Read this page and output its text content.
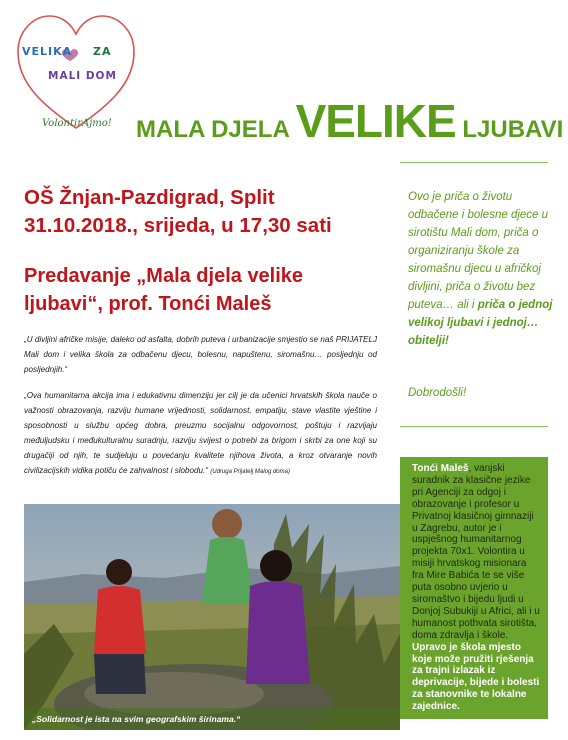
VELIKA ZA
MALI DOM
VolontirAjmo! MALA DJELA VELIKE LJUBAVI
OŠ Žnjan-Pazdigrad, Split
31.10.2018., srijeda, u 17,30 sati
Predavanje „Mala djela velike ljubavi“, prof. Tonći Maleš

„U divljini afričke misije, daleko od asfalta, dobrih puteva i urbanizacije smjestio se naš PRIJATELJ Mali dom i velika škola za odbačenu djecu, bolesnu, napuštenu, siromašnu… posljednju od posljednjih.“

„Ova humanitarna akcija ima i edukativnu dimenziju jer cilj je da učenici hrvatskih škola nauče o važnosti obrazovanja, razviju humane vrijednosti, solidarnost, empatiju, stave vlastite vještine i sposobnosti u službu općeg dobra, preuzmu socijalnu odgovornost, poštuju i razvijaju međuljudsku i međukulturalnu suradnju, razviju svijest o potrebi za brigom i skrbi za one koji su drugačiji od njih, te sudjeluju u povećanju kvalitete njihova života, a kroz otvaranje novih civilizacijskih vidika potiču će zahvalnost i slobodu.“ (Udruga Prijatelj Malog doma)

„Solidarnost je ista na svim geografskim širinama.“

Ovo je priča o životu odbačene i bolesne djece u sirotištu Mali dom, priča o organiziranju škole za siromašnu djecu u afričkoj divljini, priča o životu bez puteva… ali i priča o jednoj velikoj ljubavi i jednoj… obitelji!

Dobrodošli!

Tonći Maleš, vanjski suradnik za klasične jezike pri Agenciji za odgoj i obrazovanje i profesor u Privatnoj klasičnoj gimnaziji u Zagrebu, autor je i uspješnog humanitarnog projekta 70x1. Volontira u misiji hrvatskog misionara fra Mire Babića te se više puta osobno uvjerio u siromaštvo i bijedu ljudi u Donjoj Subukiji u Africi, ali i u humanost pothvata sirotišta, doma zdravlja i škole. Upravo je škola mjesto koje može pružiti rješenja za trajni izlazak iz deprivacije, bijede i bolesti za stanovnike te lokalne zajednice.
